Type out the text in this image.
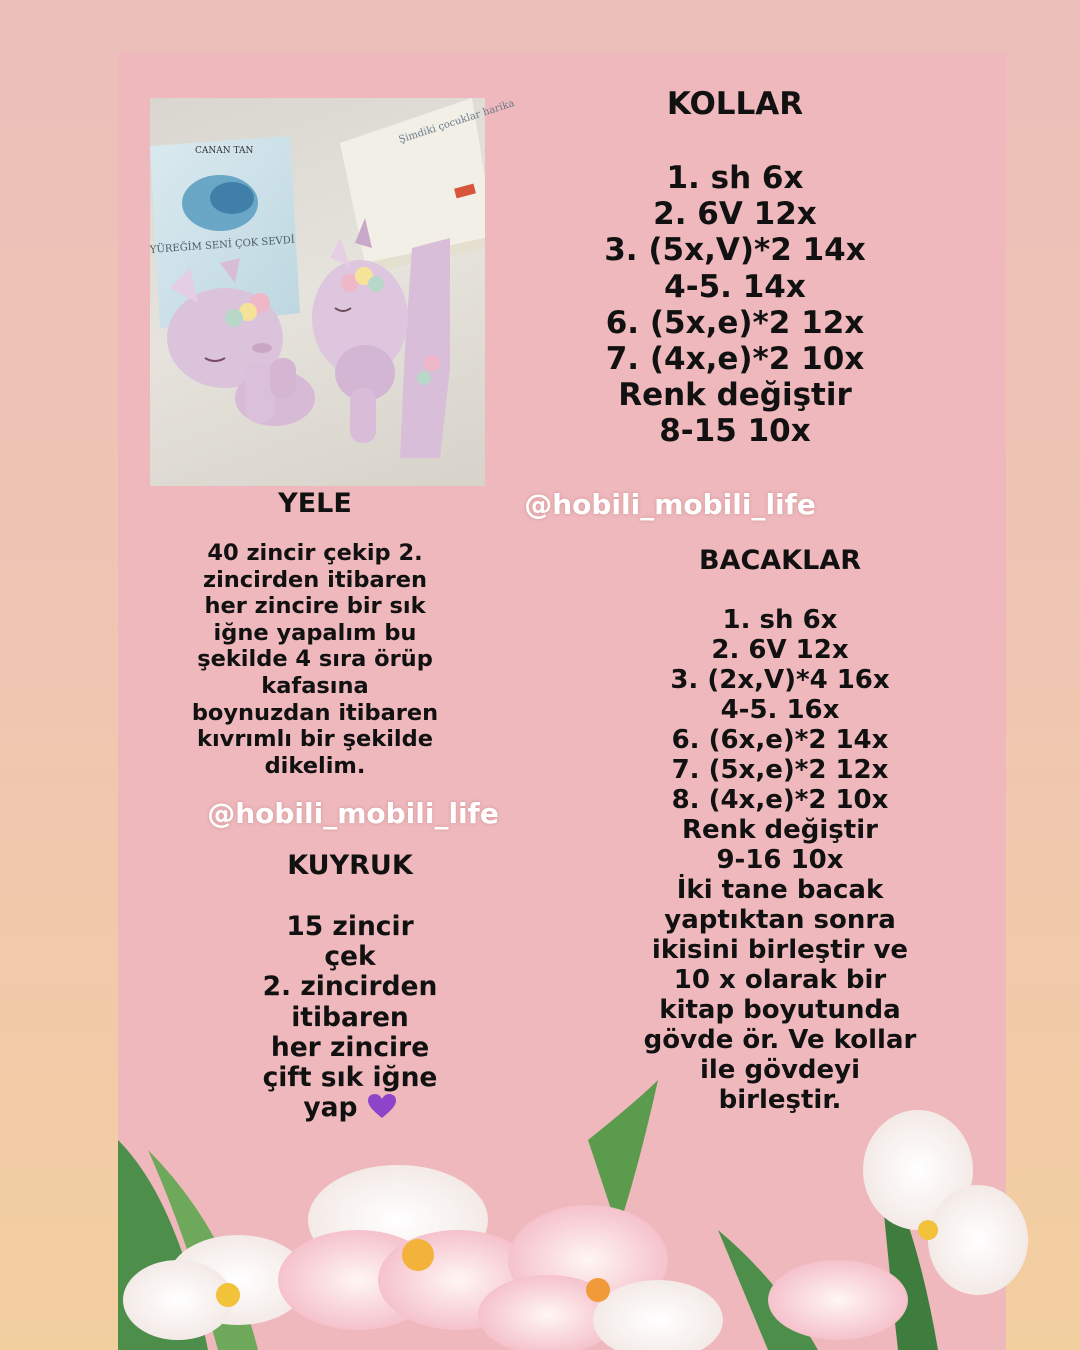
CANAN TAN
YÜREĞİM SENİ ÇOK SEVDİ
Şimdiki çocuklar harika	KOLLAR

1. sh 6x
2. 6V 12x
3. (5x,V)*2 14x
4-5. 14x
6. (5x,e)*2 12x
7. (4x,e)*2 10x
Renk değiştir
8-15 10x

@hobili_mobili_life
@hobili_mobili_life

YELE

40 zincir çekip 2.
zincirden itibaren
her zincire bir sık
iğne yapalım bu
şekilde 4 sıra örüp
kafasına
boynuzdan itibaren
kıvrımlı bir şekilde
dikelim.

BACAKLAR

1. sh 6x
2. 6V 12x
3. (2x,V)*4 16x
4-5. 16x
6. (6x,e)*2 14x
7. (5x,e)*2 12x
8. (4x,e)*2 10x
Renk değiştir
9-16 10x
İki tane bacak
yaptıktan sonra
ikisini birleştir ve
10 x olarak bir
kitap boyutunda
gövde ör. Ve kollar
ile gövdeyi
birleştir.

KUYRUK

15 zincir
çek
2. zincirden
itibaren
her zincire
çift sık iğne
yap
